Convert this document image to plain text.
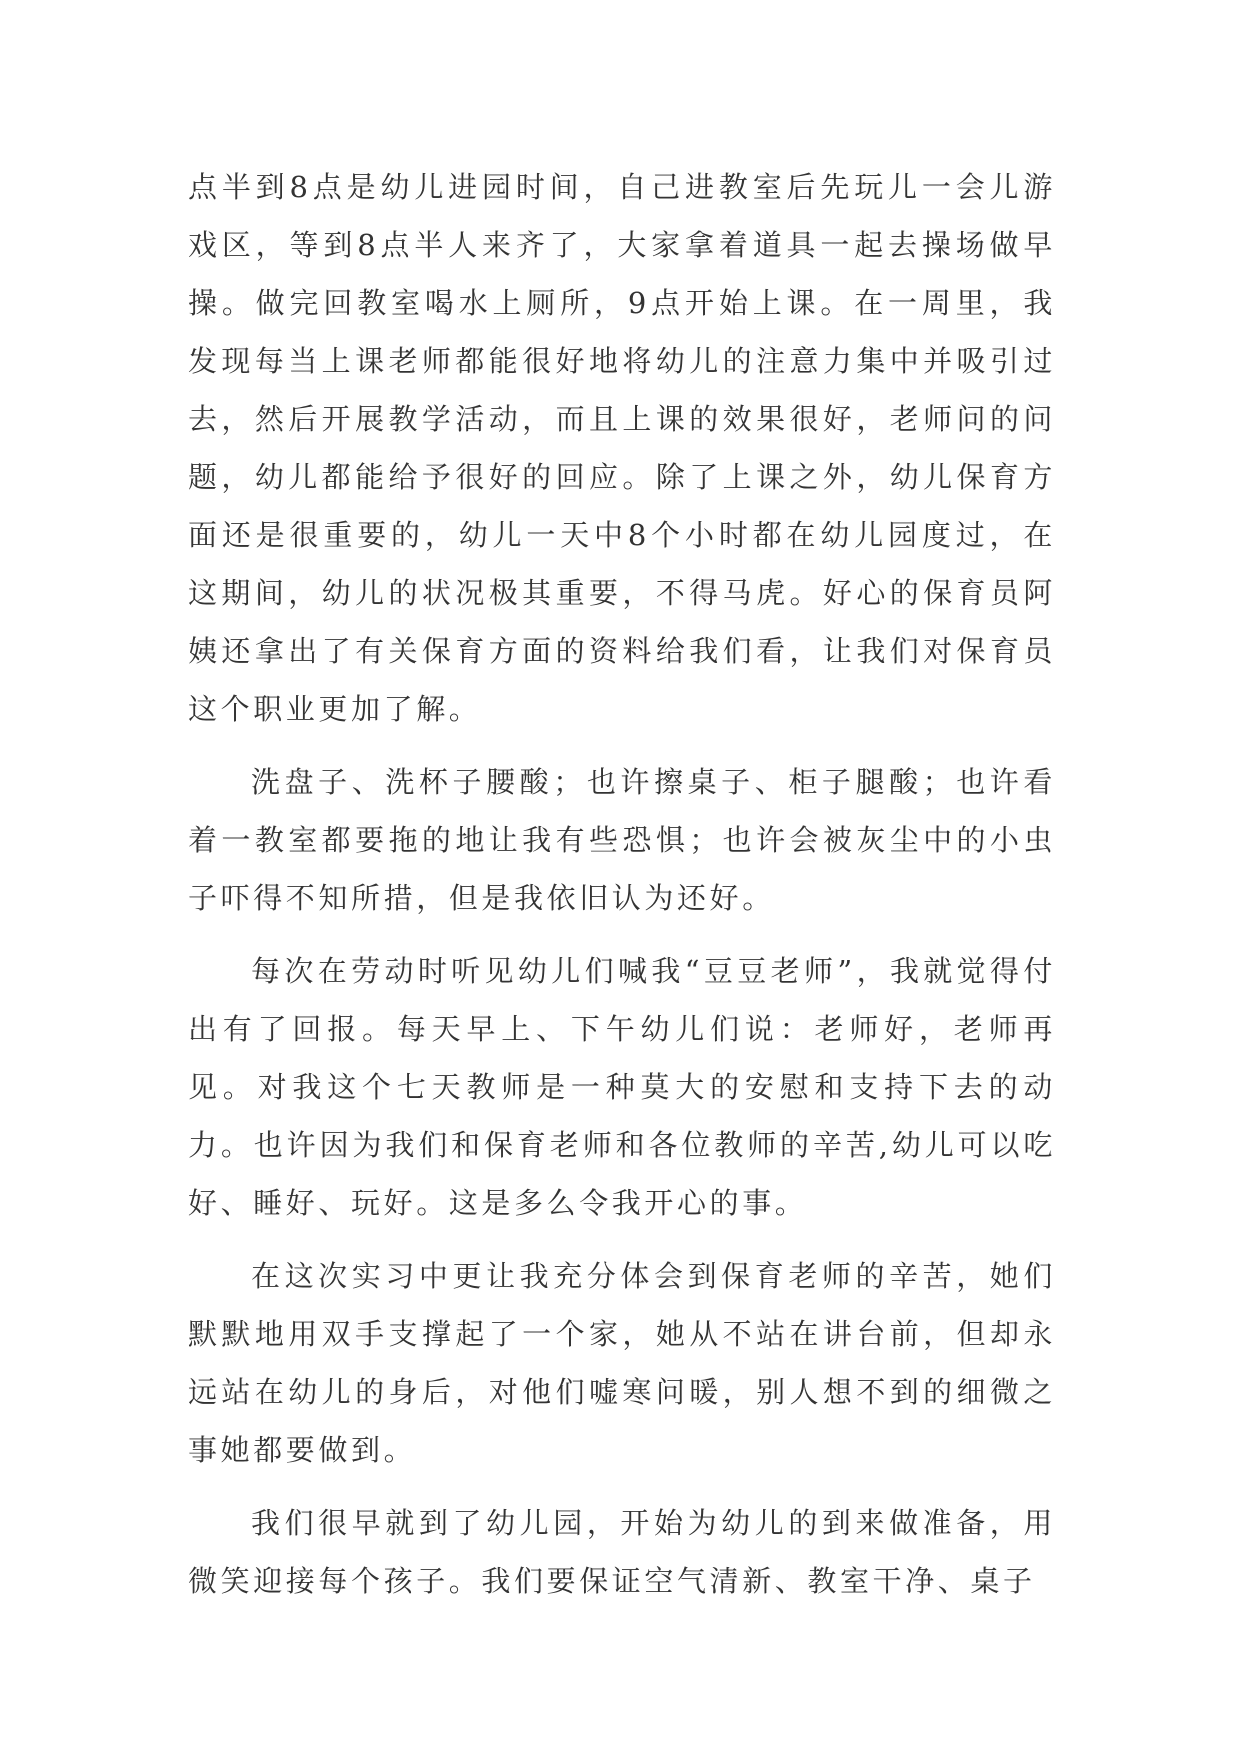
点半到8点是幼儿进园时间，自己进教室后先玩儿一会儿游戏区，等到8点半人来齐了，大家拿着道具一起去操场做早操。做完回教室喝水上厕所，9点开始上课。在一周里，我发现每当上课老师都能很好地将幼儿的注意力集中并吸引过去，然后开展教学活动，而且上课的效果很好，老师问的问题，幼儿都能给予很好的回应。除了上课之外，幼儿保育方面还是很重要的，幼儿一天中8个小时都在幼儿园度过，在这期间，幼儿的状况极其重要，不得马虎。好心的保育员阿姨还拿出了有关保育方面的资料给我们看，让我们对保育员这个职业更加了解。

洗盘子、洗杯子腰酸；也许擦桌子、柜子腿酸；也许看着一教室都要拖的地让我有些恐惧；也许会被灰尘中的小虫子吓得不知所措，但是我依旧认为还好。

每次在劳动时听见幼儿们喊我“豆豆老师”，我就觉得付出有了回报。每天早上、下午幼儿们说：老师好，老师再见。对我这个七天教师是一种莫大的安慰和支持下去的动力。也许因为我们和保育老师和各位教师的辛苦,幼儿可以吃好、睡好、玩好。这是多么令我开心的事。

在这次实习中更让我充分体会到保育老师的辛苦，她们默默地用双手支撑起了一个家，她从不站在讲台前，但却永远站在幼儿的身后，对他们嘘寒问暖，别人想不到的细微之事她都要做到。

我们很早就到了幼儿园，开始为幼儿的到来做准备，用微笑迎接每个孩子。我们要保证空气清新、教室干净、桌子
